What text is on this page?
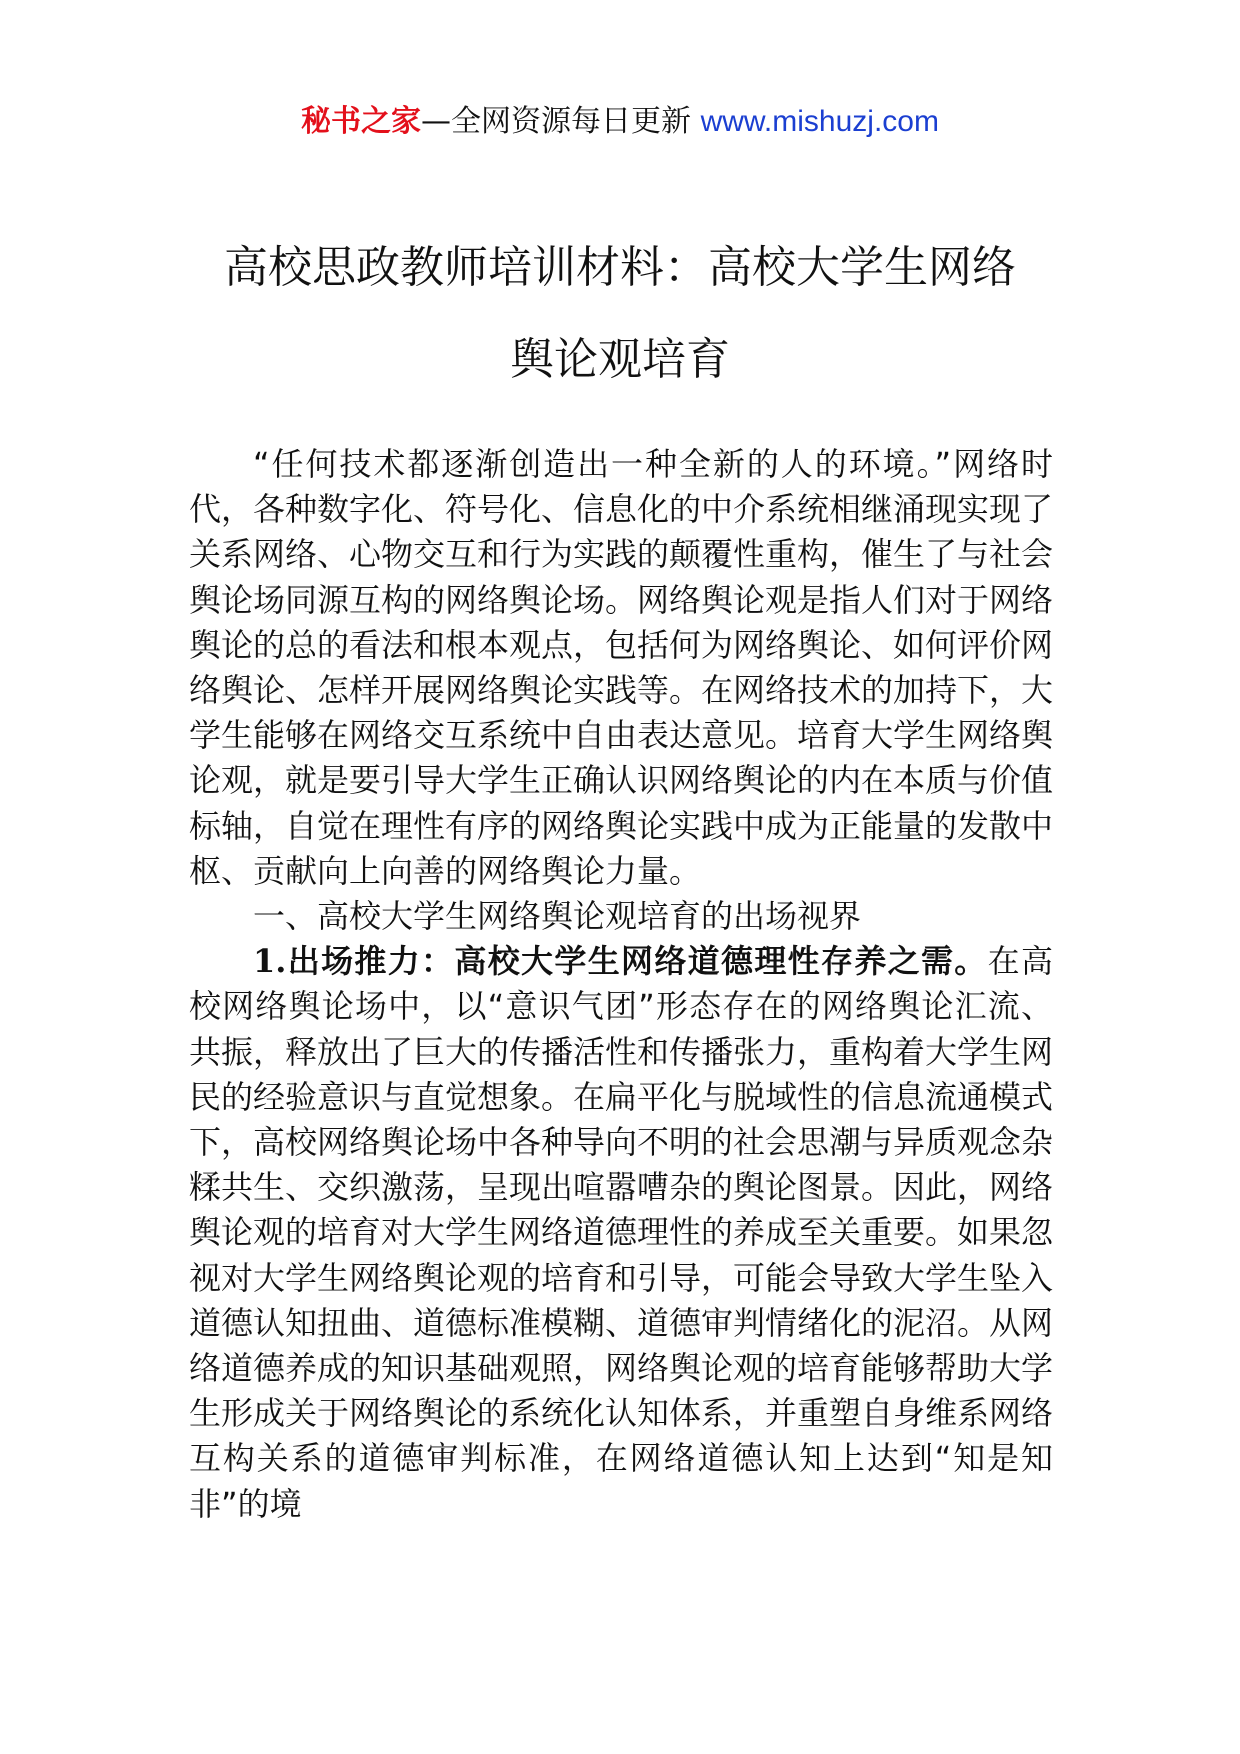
秘书之家—全网资源每日更新 www.mishuzj.com
高校思政教师培训材料：高校大学生网络
舆论观培育

“任何技术都逐渐创造出一种全新的人的环境。”网络时代，各种数字化、符号化、信息化的中介系统相继涌现实现了关系网络、心物交互和行为实践的颠覆性重构，催生了与社会舆论场同源互构的网络舆论场。网络舆论观是指人们对于网络舆论的总的看法和根本观点，包括何为网络舆论、如何评价网络舆论、怎样开展网络舆论实践等。在网络技术的加持下，大学生能够在网络交互系统中自由表达意见。培育大学生网络舆论观，就是要引导大学生正确认识网络舆论的内在本质与价值标轴，自觉在理性有序的网络舆论实践中成为正能量的发散中枢、贡献向上向善的网络舆论力量。

一、高校大学生网络舆论观培育的出场视界

1.出场推力：高校大学生网络道德理性存养之需。在高校网络舆论场中，以“意识气团”形态存在的网络舆论汇流、共振，释放出了巨大的传播活性和传播张力，重构着大学生网民的经验意识与直觉想象。在扁平化与脱域性的信息流通模式下，高校网络舆论场中各种导向不明的社会思潮与异质观念杂糅共生、交织激荡，呈现出喧嚣嘈杂的舆论图景。因此，网络舆论观的培育对大学生网络道德理性的养成至关重要。如果忽视对大学生网络舆论观的培育和引导，可能会导致大学生坠入道德认知扭曲、道德标准模糊、道德审判情绪化的泥沼。从网络道德养成的知识基础观照，网络舆论观的培育能够帮助大学生形成关于网络舆论的系统化认知体系，并重塑自身维系网络互构关系的道德审判标准，在网络道德认知上达到“知是知非”的境
